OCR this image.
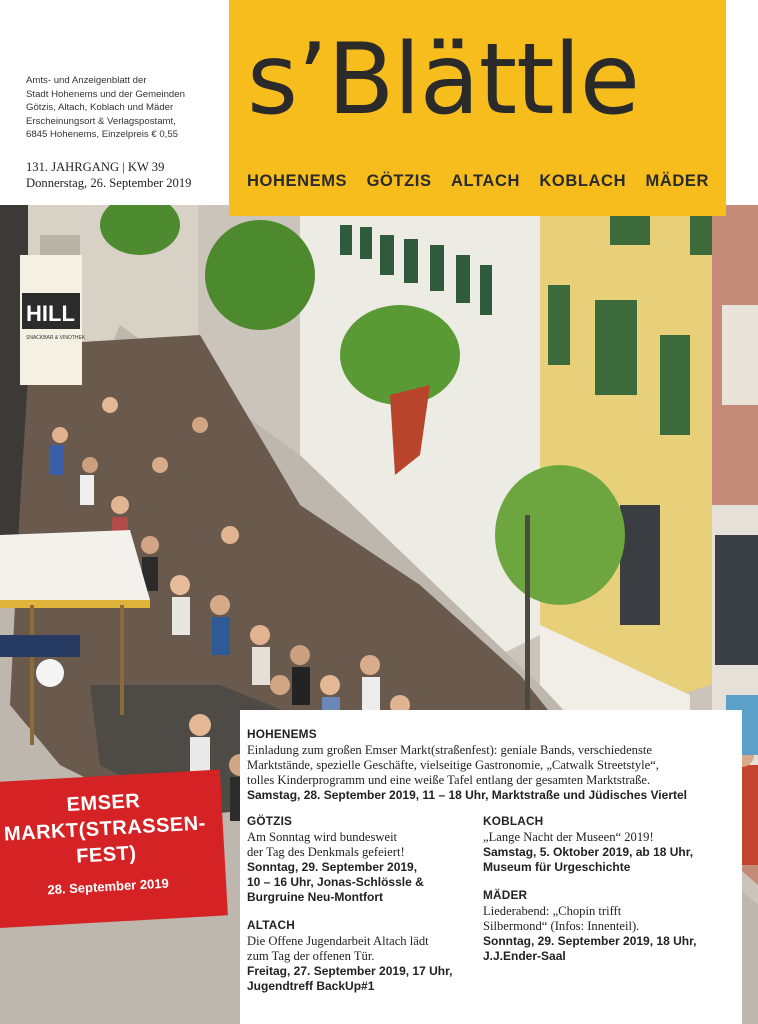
HILL
SNACKBAR & VINOTHEK
s’Blättle
HOHENEMS GÖTZIS ALTACH KOBLACH MÄDER
Amts- und Anzeigenblatt der
Stadt Hohenems und der Gemeinden
Götzis, Altach, Koblach und Mäder
Erscheinungsort & Verlagspostamt,
6845 Hohenems, Einzelpreis € 0,55
131. JAHRGANG | KW 39
Donnerstag, 26. September 2019
HOHENEMS
Einladung zum großen Emser Markt(straßenfest): geniale Bands, verschiedenste
Marktstände, spezielle Geschäfte, vielseitige Gastronomie, „Catwalk Streetstyle“,
tolles Kinderprogramm und eine weiße Tafel entlang der gesamten Marktstraße.
Samstag, 28. September 2019, 11 – 18 Uhr, Marktstraße und Jüdisches Viertel
GÖTZIS
Am Sonntag wird bundesweit
der Tag des Denkmals gefeiert!
Sonntag, 29. September 2019,
10 – 16 Uhr, Jonas-Schlössle &
Burgruine Neu-Montfort
ALTACH
Die Offene Jugendarbeit Altach lädt
zum Tag der offenen Tür.
Freitag, 27. September 2019, 17 Uhr,
Jugendtreff BackUp#1
KOBLACH
„Lange Nacht der Museen“ 2019!
Samstag, 5. Oktober 2019, ab 18 Uhr,
Museum für Urgeschichte
MÄDER
Liederabend: „Chopin trifft
Silbermond“ (Infos: Innenteil).
Sonntag, 29. September 2019, 18 Uhr,
J.J.Ender-Saal
EMSER
MARKT(STRASSEN-
FEST)
28. September 2019
